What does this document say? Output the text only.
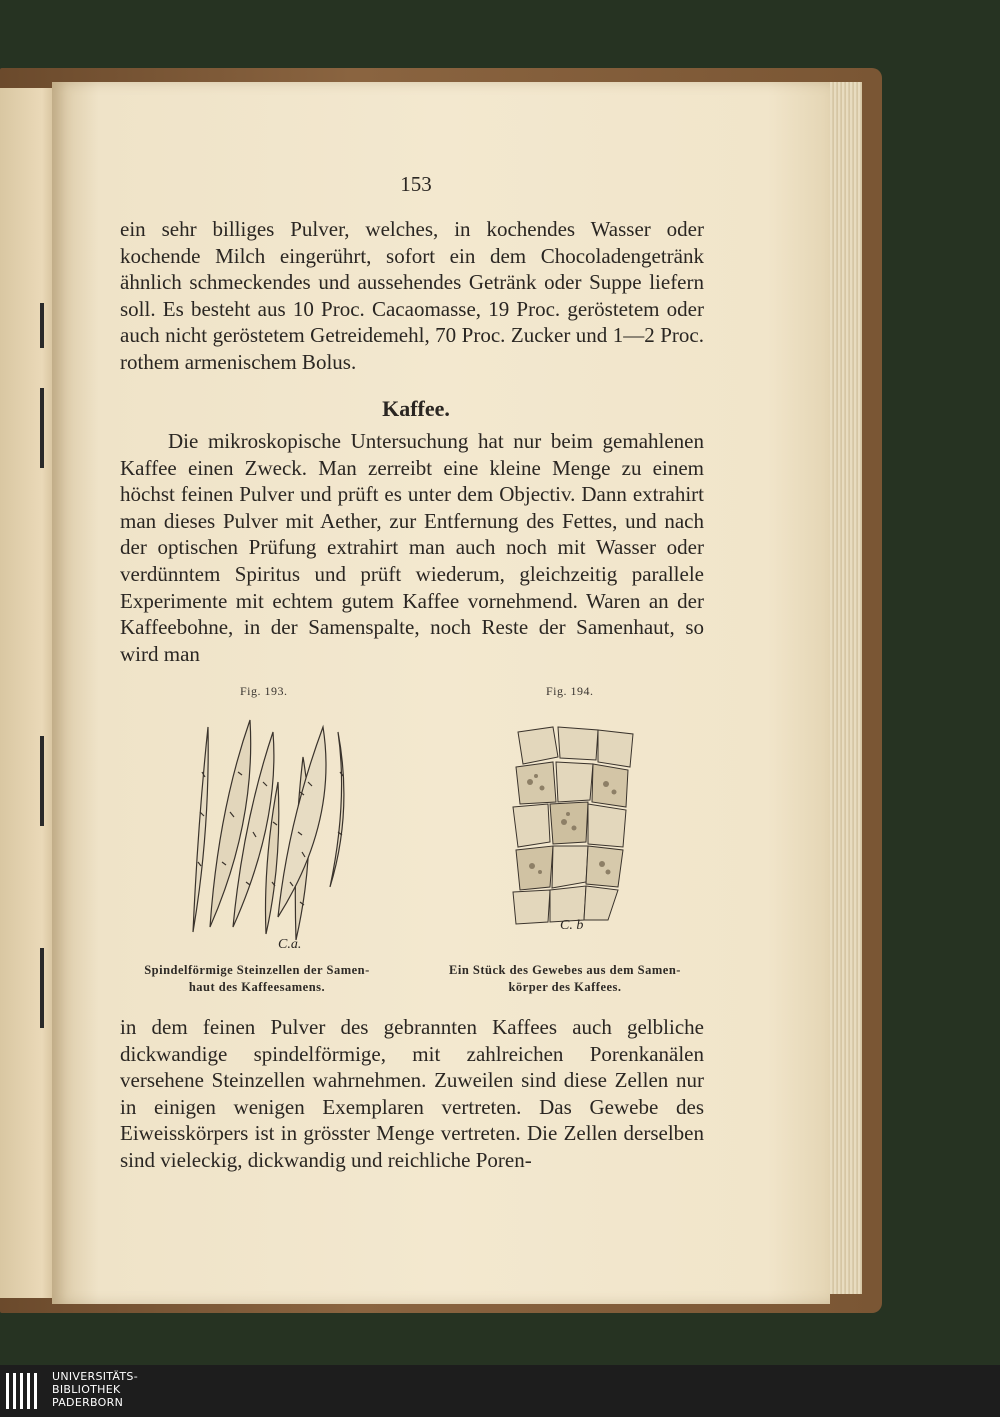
153

ein sehr billiges Pulver, welches, in kochendes Wasser oder kochende Milch eingerührt, sofort ein dem Chocoladengetränk ähnlich schmeckendes und aussehendes Getränk oder Suppe liefern soll. Es besteht aus 10 Proc. Cacaomasse, 19 Proc. geröstetem oder auch nicht geröstetem Getreidemehl, 70 Proc. Zucker und 1—2 Proc. rothem armenischem Bolus.

Kaffee.

Die mikroskopische Untersuchung hat nur beim gemahlenen Kaffee einen Zweck. Man zerreibt eine kleine Menge zu einem höchst feinen Pulver und prüft es unter dem Objectiv. Dann extrahirt man dieses Pulver mit Aether, zur Entfernung des Fettes, und nach der optischen Prüfung extrahirt man auch noch mit Wasser oder verdünntem Spiritus und prüft wiederum, gleichzeitig parallele Experimente mit echtem gutem Kaffee vornehmend. Waren an der Kaffeebohne, in der Samenspalte, noch Reste der Samenhaut, so wird man

Fig. 193.
C.a.
Spindelförmige Steinzellen der Samen-
haut des Kaffeesamens.
Fig. 194.
C. b
Ein Stück des Gewebes aus dem Samen-
körper des Kaffees.

in dem feinen Pulver des gebrannten Kaffees auch gelbliche dickwandige spindelförmige, mit zahlreichen Porenkanälen versehene Steinzellen wahrnehmen. Zuweilen sind diese Zellen nur in einigen wenigen Exemplaren vertreten. Das Gewebe des Eiweisskörpers ist in grösster Menge vertreten. Die Zellen derselben sind vieleckig, dickwandig und reichliche Poren-

UNIVERSITÄTS-
BIBLIOTHEK
PADERBORN
